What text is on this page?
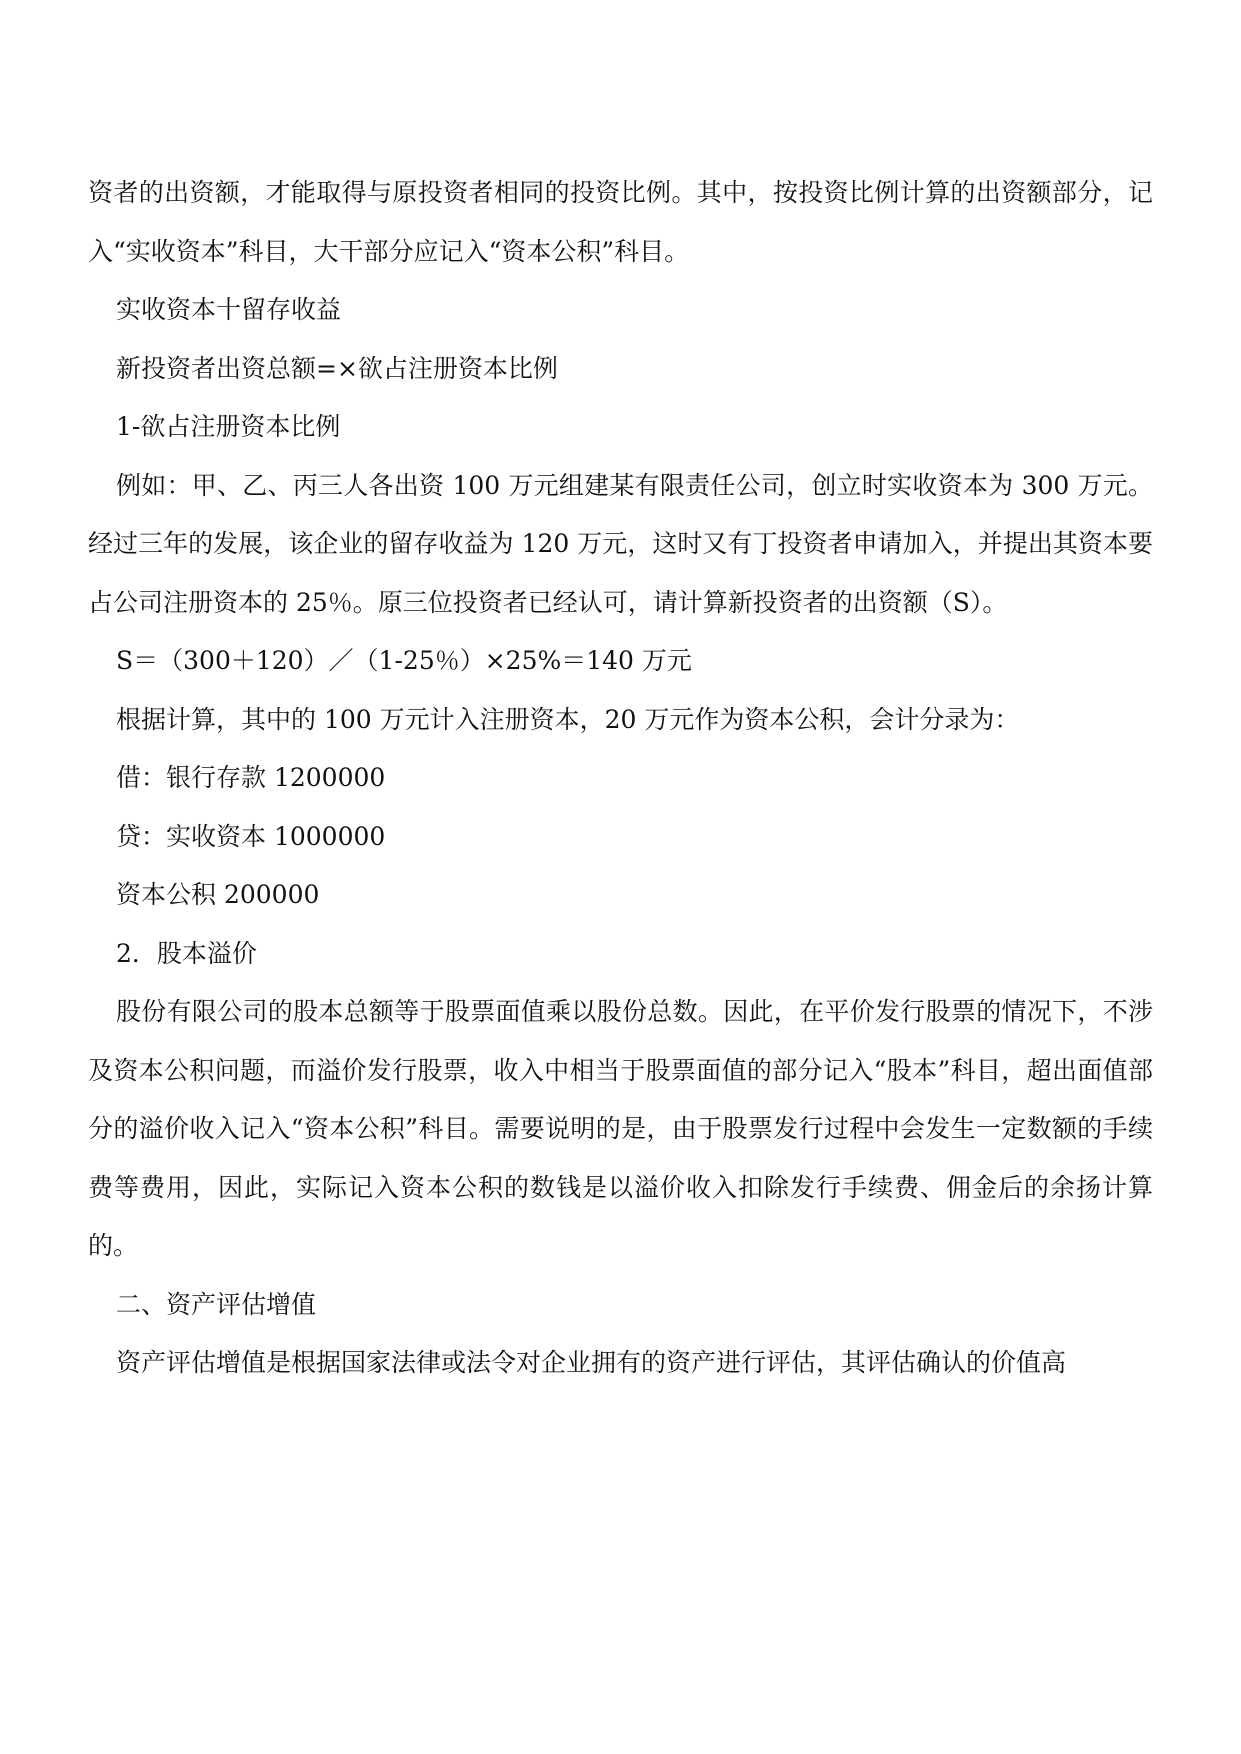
资者的出资额，才能取得与原投资者相同的投资比例。其中，按投资比例计算的出资额部分，记入“实收资本”科目，大干部分应记入“资本公积”科目。

实收资本十留存收益

新投资者出资总额=×欲占注册资本比例

1-欲占注册资本比例

例如：甲、乙、丙三人各出资 100 万元组建某有限责任公司，创立时实收资本为 300 万元。经过三年的发展，该企业的留存收益为 120 万元，这时又有丁投资者申请加入，并提出其资本要占公司注册资本的 25％。原三位投资者已经认可，请计算新投资者的出资额（S）。

S＝（300＋120）／（1-25％）×25%＝140 万元

根据计算，其中的 100 万元计入注册资本，20 万元作为资本公积，会计分录为：

借：银行存款 1200000

贷：实收资本 1000000

资本公积 200000

2．股本溢价

股份有限公司的股本总额等于股票面值乘以股份总数。因此，在平价发行股票的情况下，不涉及资本公积问题，而溢价发行股票，收入中相当于股票面值的部分记入“股本”科目，超出面值部分的溢价收入记入“资本公积”科目。需要说明的是，由于股票发行过程中会发生一定数额的手续费等费用，因此，实际记入资本公积的数钱是以溢价收入扣除发行手续费、佣金后的余扬计算的。

二、资产评估增值

资产评估增值是根据国家法律或法令对企业拥有的资产进行评估，其评估确认的价值高
